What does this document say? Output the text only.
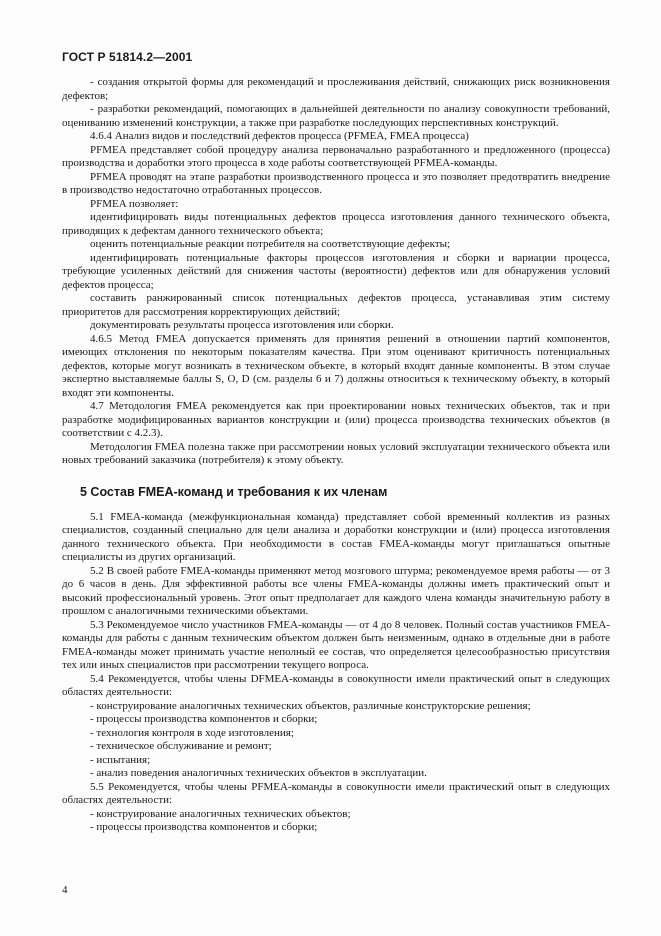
ГОСТ Р 51814.2—2001

- создания открытой формы для рекомендаций и прослеживания действий, снижающих риск возникновения дефектов;

- разработки рекомендаций, помогающих в дальнейшей деятельности по анализу совокупности требований, оцениванию изменений конструкции, а также при разработке последующих перспективных конструкций.

4.6.4 Анализ видов и последствий дефектов процесса (PFMEA, FMEA процесса)

PFMEA представляет собой процедуру анализа первоначально разработанного и предложенного (процесса) производства и доработки этого процесса в ходе работы соответствующей PFMEA-команды.

PFMEA проводят на этапе разработки производственного процесса и это позволяет предотвратить внедрение в производство недостаточно отработанных процессов.

PFMEA позволяет:

идентифицировать виды потенциальных дефектов процесса изготовления данного технического объекта, приводящих к дефектам данного технического объекта;

оценить потенциальные реакции потребителя на соответствующие дефекты;

идентифицировать потенциальные факторы процессов изготовления и сборки и вариации процесса, требующие усиленных действий для снижения частоты (вероятности) дефектов или для обнаружения условий дефектов процесса;

составить ранжированный список потенциальных дефектов процесса, устанавливая этим систему приоритетов для рассмотрения корректирующих действий;

документировать результаты процесса изготовления или сборки.

4.6.5 Метод FMEA допускается применять для принятия решений в отношении партий компонентов, имеющих отклонения по некоторым показателям качества. При этом оценивают критичность потенциальных дефектов, которые могут возникать в техническом объекте, в который входят данные компоненты. В этом случае экспертно выставляемые баллы S, O, D (см. разделы 6 и 7) должны относиться к техническому объекту, в который входят эти компоненты.

4.7 Методология FMEA рекомендуется как при проектировании новых технических объектов, так и при разработке модифицированных вариантов конструкции и (или) процесса производства технических объектов (в соответствии с 4.2.3).

Методология FMEA полезна также при рассмотрении новых условий эксплуатации технического объекта или новых требований заказчика (потребителя) к этому объекту.

5 Состав FMEA-команд и требования к их членам

5.1 FMEA-команда (межфункциональная команда) представляет собой временный коллектив из разных специалистов, созданный специально для цели анализа и доработки конструкции и (или) процесса изготовления данного технического объекта. При необходимости в состав FMEA-команды могут приглашаться опытные специалисты из других организаций.

5.2 В своей работе FMEA-команды применяют метод мозгового штурма; рекомендуемое время работы — от 3 до 6 часов в день. Для эффективной работы все члены FMEA-команды должны иметь практический опыт и высокий профессиональный уровень. Этот опыт предполагает для каждого члена команды значительную работу в прошлом с аналогичными техническими объектами.

5.3 Рекомендуемое число участников FMEA-команды — от 4 до 8 человек. Полный состав участников FMEA-команды для работы с данным техническим объектом должен быть неизменным, однако в отдельные дни в работе FMEA-команды может принимать участие неполный ее состав, что определяется целесообразностью присутствия тех или иных специалистов при рассмотрении текущего вопроса.

5.4 Рекомендуется, чтобы члены DFMEA-команды в совокупности имели практический опыт в следующих областях деятельности:

- конструирование аналогичных технических объектов, различные конструкторские решения;

- процессы производства компонентов и сборки;

- технология контроля в ходе изготовления;

- техническое обслуживание и ремонт;

- испытания;

- анализ поведения аналогичных технических объектов в эксплуатации.

5.5 Рекомендуется, чтобы члены PFMEA-команды в совокупности имели практический опыт в следующих областях деятельности:

- конструирование аналогичных технических объектов;

- процессы производства компонентов и сборки;

4
